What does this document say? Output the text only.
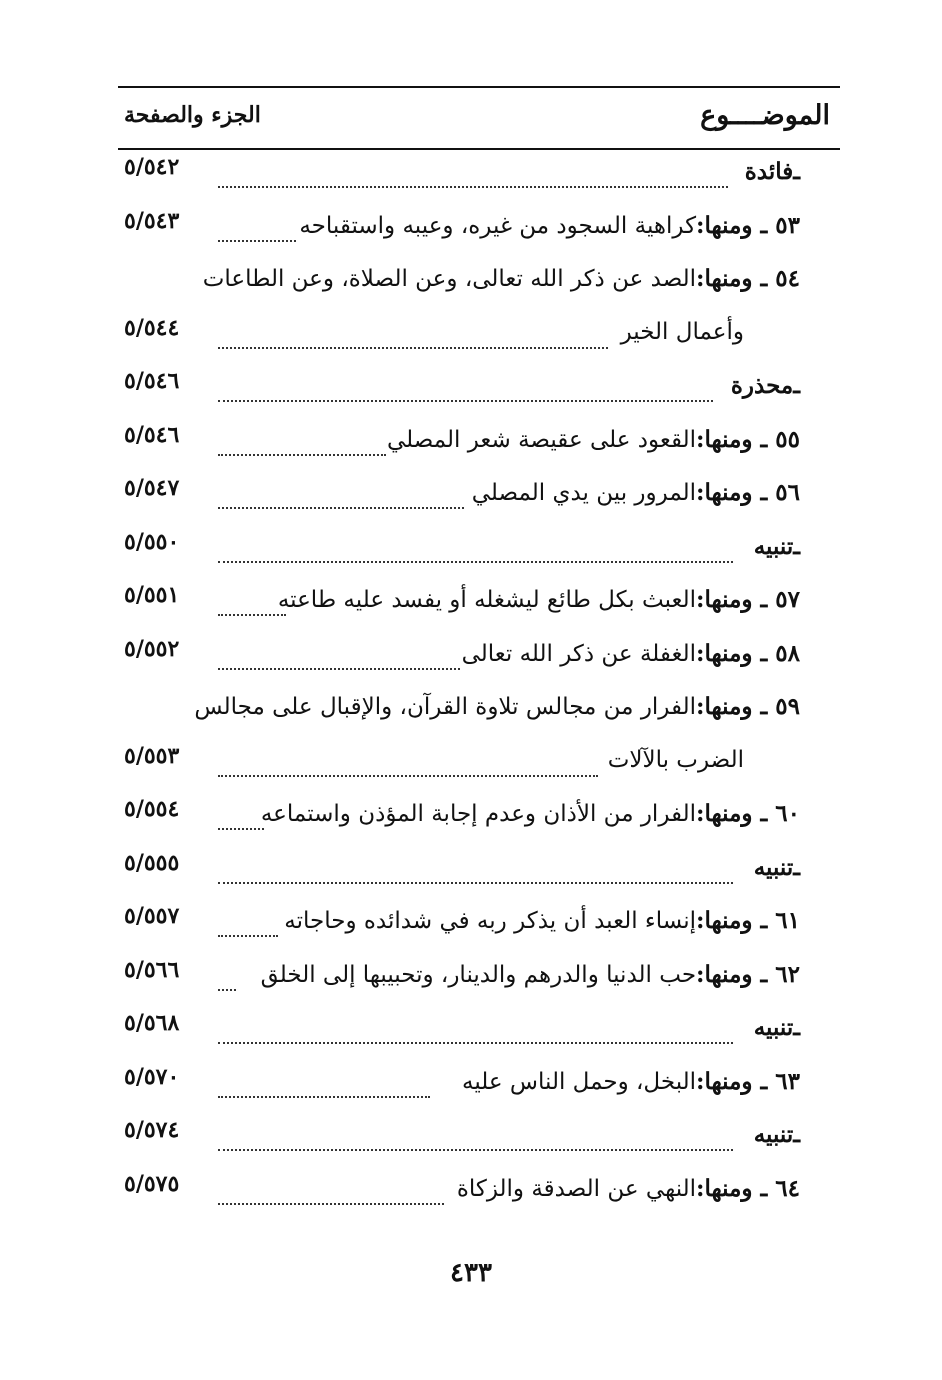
الموضــــوع
الجزء والصفحة
ـ
فائدة
٥/٥٤٢
٥٣ ـ ومنها:
كراهية السجود من غيره، وعيبه واستقباحه
٥/٥٤٣
٥٤ ـ ومنها:
الصد عن ذكر الله تعالى، وعن الصلاة، وعن الطاعات
وأعمال الخير
٥/٥٤٤
ـ
محذرة
٥/٥٤٦
٥٥ ـ ومنها:
القعود على عقيصة شعر المصلي
٥/٥٤٦
٥٦ ـ ومنها:
المرور بين يدي المصلي
٥/٥٤٧
ـ
تنبيه
٥/٥٥٠
٥٧ ـ ومنها:
العبث بكل طائع ليشغله أو يفسد عليه طاعته
٥/٥٥١
٥٨ ـ ومنها:
الغفلة عن ذكر الله تعالى
٥/٥٥٢
٥٩ ـ ومنها:
الفرار من مجالس تلاوة القرآن، والإقبال على مجالس
الضرب بالآلات
٥/٥٥٣
٦٠ ـ ومنها:
الفرار من الأذان وعدم إجابة المؤذن واستماعه
٥/٥٥٤
ـ
تنبيه
٥/٥٥٥
٦١ ـ ومنها:
إنساء العبد أن يذكر ربه في شدائده وحاجاته
٥/٥٥٧
٦٢ ـ ومنها:
حب الدنيا والدرهم والدينار، وتحبيبها إلى الخلق
٥/٥٦٦
ـ
تنبيه
٥/٥٦٨
٦٣ ـ ومنها:
البخل، وحمل الناس عليه
٥/٥٧٠
ـ
تنبيه
٥/٥٧٤
٦٤ ـ ومنها:
النهي عن الصدقة والزكاة
٥/٥٧٥
٤٣٣
